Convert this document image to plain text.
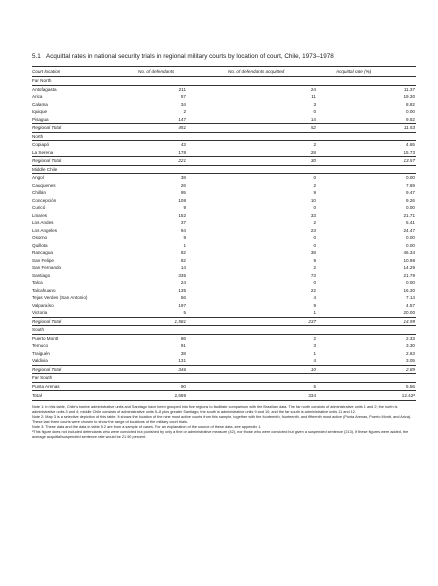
5.1 Acquittal rates in national security trials in regional military courts by location of court, Chile, 1973–1978
Court location	No. of defendants	No. of defendants acquitted	Acquittal rate (%)
Far North			
Antofagasta	211	24	11.37
Arica	57	11	19.30
Calama	34	3	8.82
Iquique	2	0	0.00
Pisagua	147	14	9.52
Regional Total	451	52	11.53
North			
Copiapó	43	2	4.65
La Serena	178	28	15.73
Regional Total	221	30	13.57
Middle Chile			
Angol	38	0	0.00
Cauquenes	26	2	7.69
Chillán	95	9	9.47
Concepción	108	10	9.26
Curicó	9	0	0.00
Linares	152	33	21.71
Los Andes	37	2	5.41
Los Angeles	94	23	24.47
Osorno	9	0	0.00
Quillota	1	0	0.00
Rancagua	82	38	46.34
San Felipe	82	9	10.98
San Fernando	14	2	14.29
Santiago	335	73	21.79
Talca	24	0	0.00
Talcahuano	135	22	16.30
Tejas Verdes (San Antonio)	56	4	7.14
Valparaíso	197	9	4.57
Victoria	5	1	20.00
Regional Total	1,581	237	14.99
South			
Puerto Montt	86	2	2.33
Temuco	91	3	3.30
Traiguén	38	1	2.63
Valdivia	131	4	3.05
Regional Total	346	10	2.89
Far South			
Punta Arenas	90	5	5.56
Total	2,689	334	12.42ᵃ

Note 1: In this table, Chile's twelve administrative units and Santiago have been grouped into five regions to facilitate comparison with the Brazilian data. The far north consists of administrative units 1 and 2; the north is administrative units 3 and 4; middle Chile consists of administrative units 5–8 plus greater Santiago; the south is administrative units 9 and 10; and the far south is administrative units 11 and 12.

Note 2: Map 3 is a selective depiction of this table. It shows the location of the nine most active courts from this sample, together with the fourteenth, fourteenth, and fifteenth most active (Punta Arenas, Puerto Montt, and Arica). These last three courts were chosen to show the range of locations of the military court trials.

Note 3: These data and the data in table 5.2 are from a sample of cases. For an explanation of the source of these data, see appendix 1.

ᵃThis figure does not included defendants who were convicted but punished by only a fine or administrative measure (42), nor those who were convicted but given a suspended sentence (213). If these figures were added, the average acquittal/suspended sentence rate would be 21.90 percent.
